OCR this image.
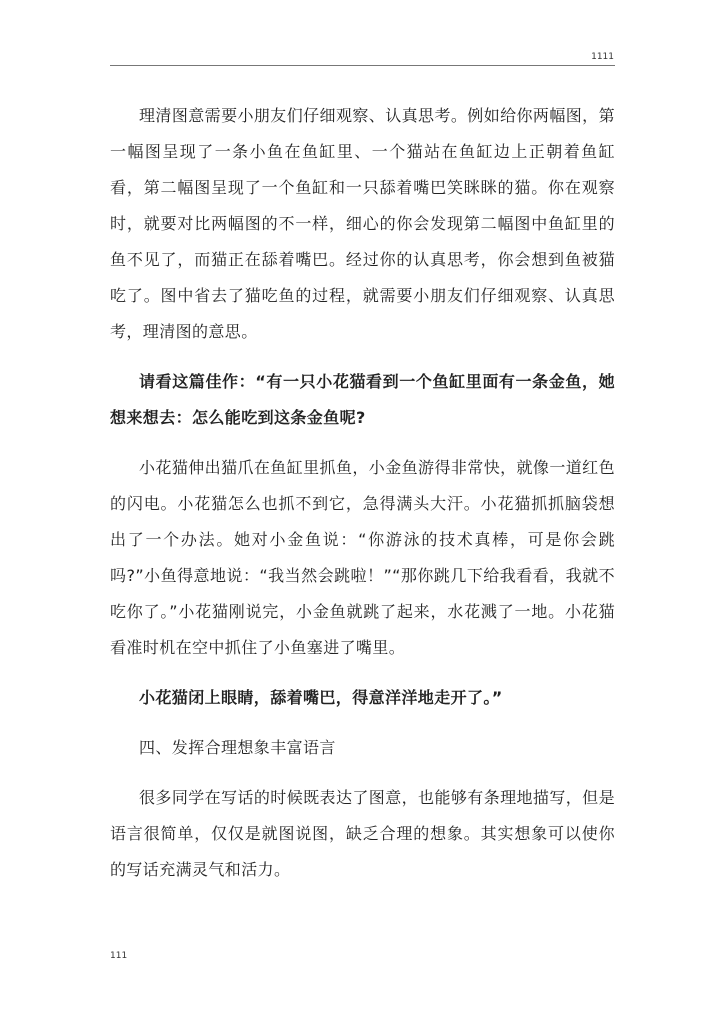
1111

理清图意需要小朋友们仔细观察、认真思考。例如给你两幅图，第一幅图呈现了一条小鱼在鱼缸里、一个猫站在鱼缸边上正朝着鱼缸看，第二幅图呈现了一个鱼缸和一只舔着嘴巴笑眯眯的猫。你在观察时，就要对比两幅图的不一样，细心的你会发现第二幅图中鱼缸里的鱼不见了，而猫正在舔着嘴巴。经过你的认真思考，你会想到鱼被猫吃了。图中省去了猫吃鱼的过程，就需要小朋友们仔细观察、认真思考，理清图的意思。

请看这篇佳作：“有一只小花猫看到一个鱼缸里面有一条金鱼，她想来想去：怎么能吃到这条金鱼呢?

小花猫伸出猫爪在鱼缸里抓鱼，小金鱼游得非常快，就像一道红色的闪电。小花猫怎么也抓不到它，急得满头大汗。小花猫抓抓脑袋想出了一个办法。她对小金鱼说：“你游泳的技术真棒，可是你会跳吗?”小鱼得意地说：“我当然会跳啦！”“那你跳几下给我看看，我就不吃你了。”小花猫刚说完，小金鱼就跳了起来，水花溅了一地。小花猫看准时机在空中抓住了小鱼塞进了嘴里。

小花猫闭上眼睛，舔着嘴巴，得意洋洋地走开了。”

四、发挥合理想象丰富语言

很多同学在写话的时候既表达了图意，也能够有条理地描写，但是语言很简单，仅仅是就图说图，缺乏合理的想象。其实想象可以使你的写话充满灵气和活力。

111
